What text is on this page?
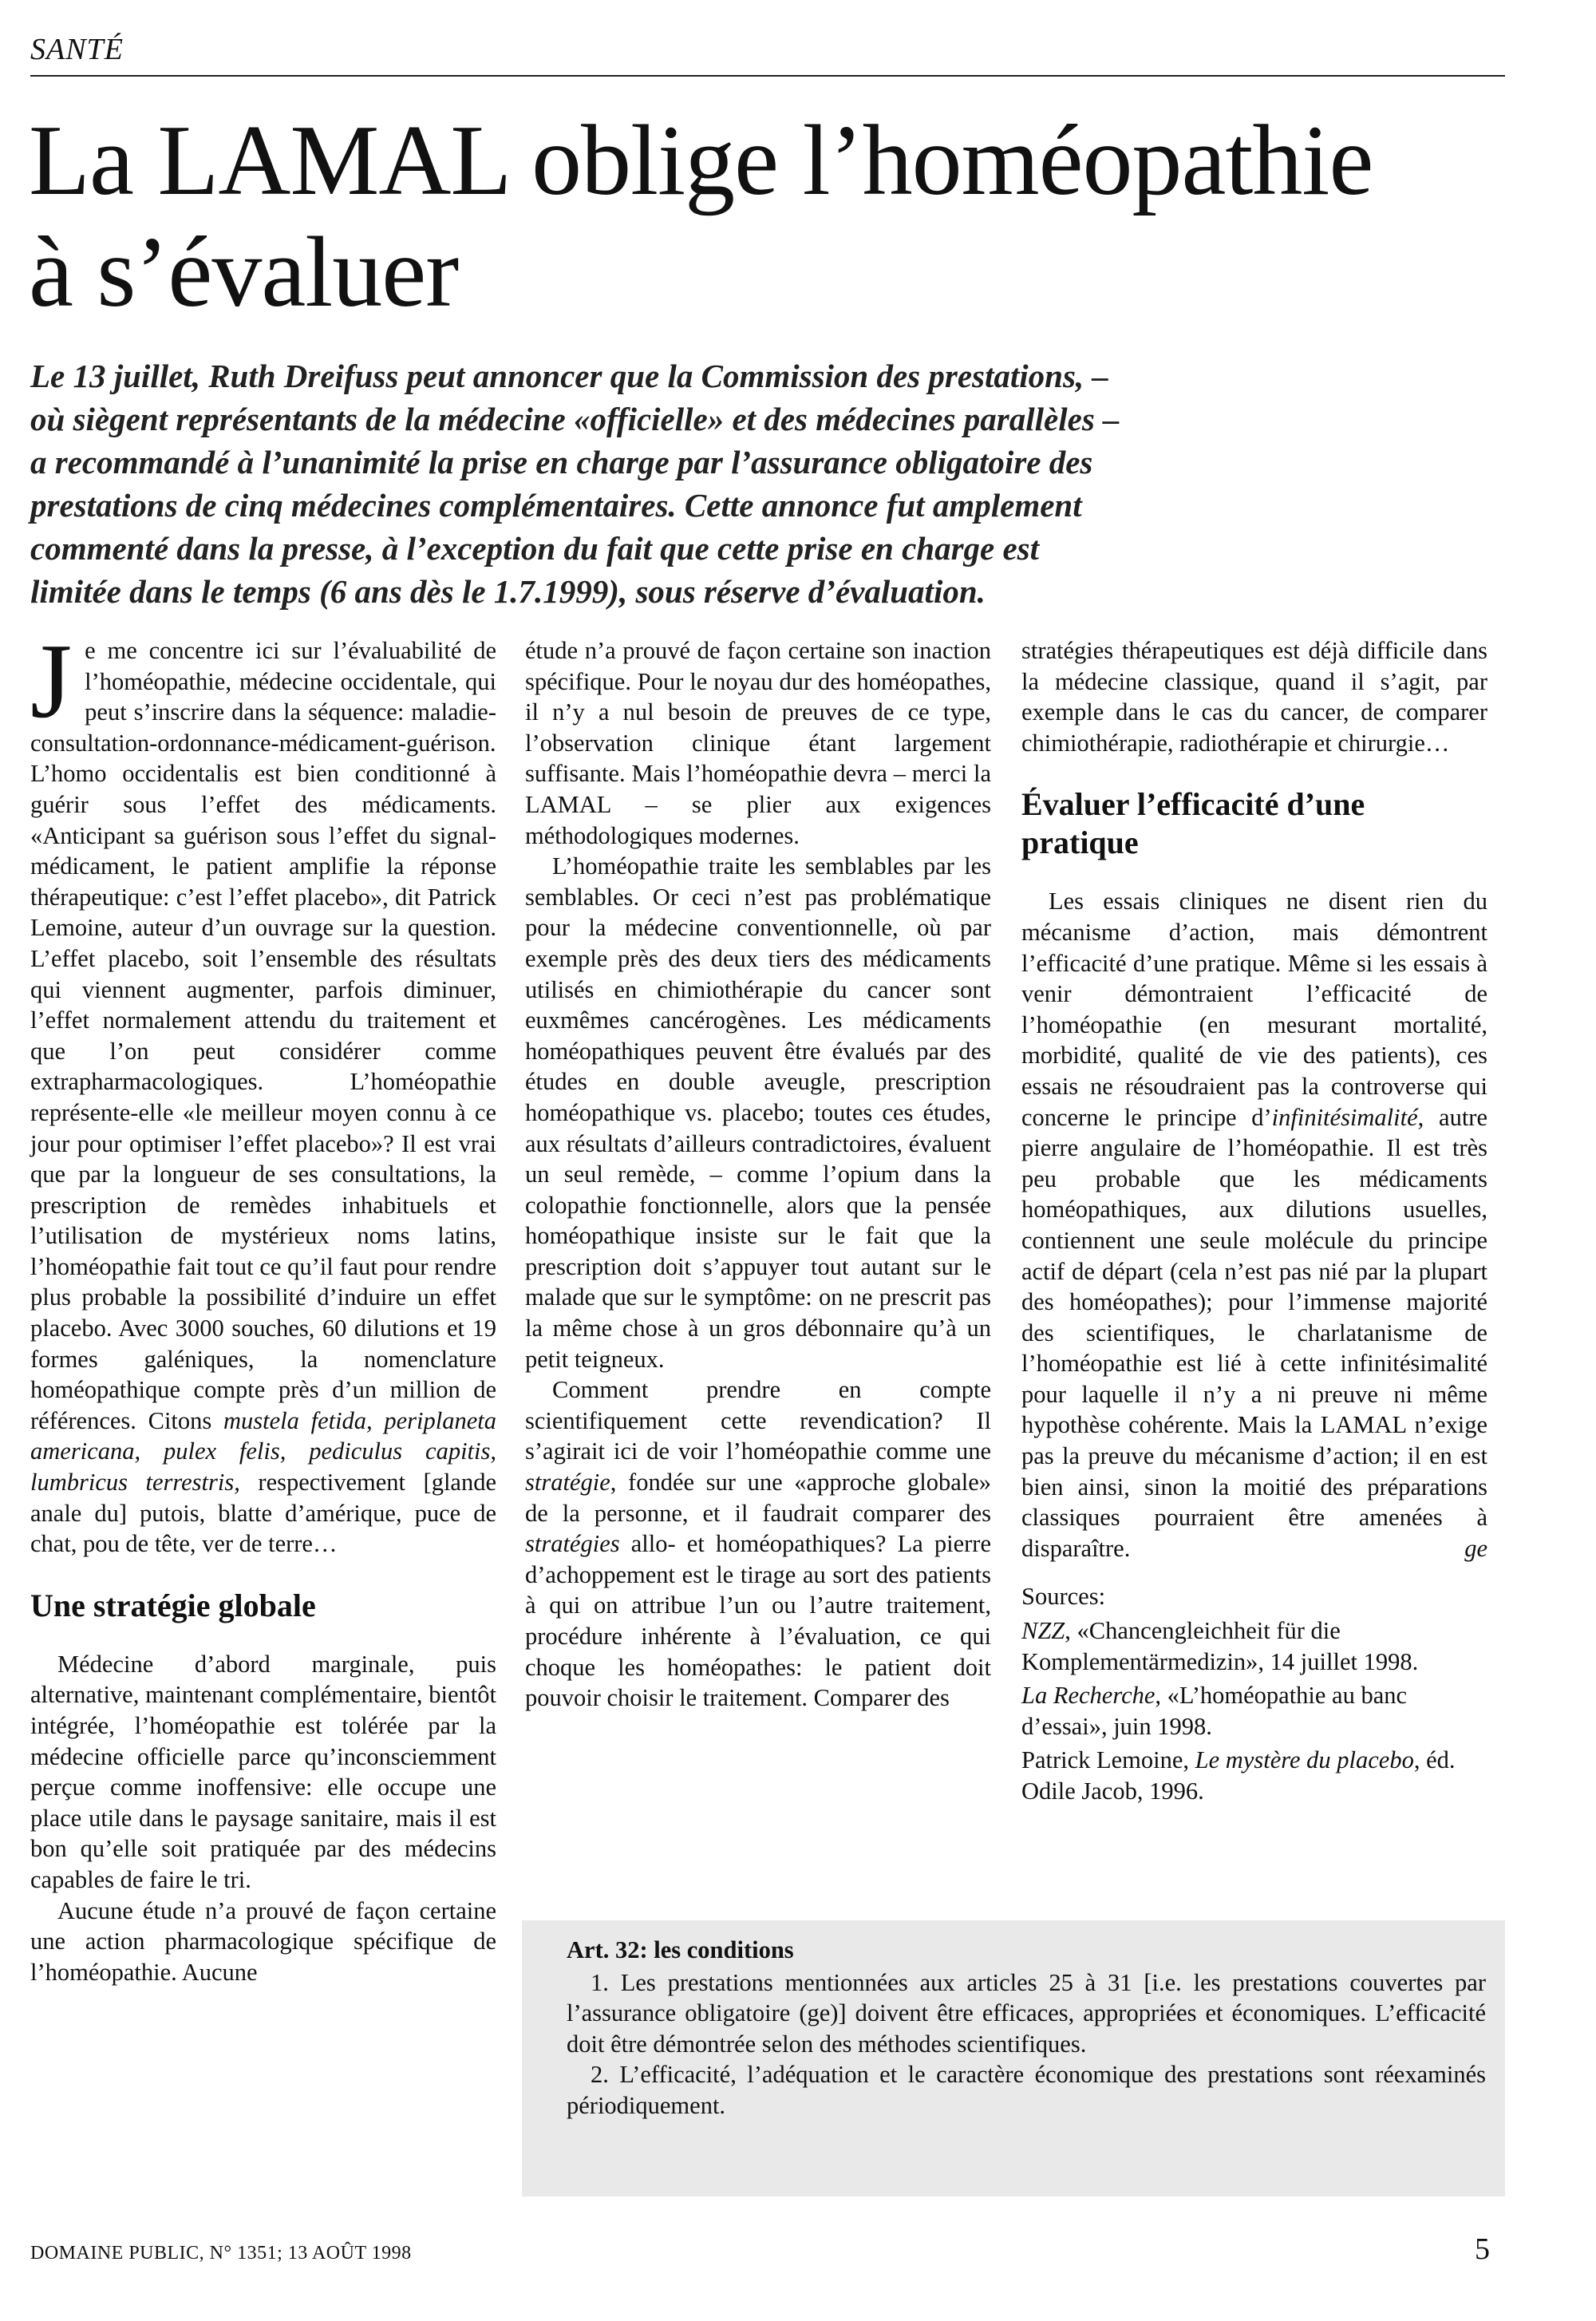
SANTÉ
La LAMAL oblige l’homéopathie
à s’évaluer

Le 13 juillet, Ruth Dreifuss peut annoncer que la Commission des prestations, –
où siègent représentants de la médecine «officielle» et des médecines parallèles –
a recommandé à l’unanimité la prise en charge par l’assurance obligatoire des
prestations de cinq médecines complémentaires. Cette annonce fut amplement
commenté dans la presse, à l’exception du fait que cette prise en charge est
limitée dans le temps (6 ans dès le 1.7.1999), sous réserve d’évaluation.

Je me concentre ici sur l’évaluabilité de l’homéopathie, médecine occidentale, qui peut s’inscrire dans la séquence: maladie-consultation-ordonnance-médicament-guérison. L’homo occidentalis est bien conditionné à guérir sous l’effet des médicaments. «Anticipant sa guérison sous l’effet du signal-médicament, le patient amplifie la réponse thérapeutique: c’est l’effet placebo», dit Patrick Lemoine, auteur d’un ouvrage sur la question. L’effet placebo, soit l’ensemble des résultats qui viennent augmenter, parfois diminuer, l’effet normalement attendu du traitement et que l’on peut considérer comme extrapharmacologiques. L’homéopathie représente-elle «le meilleur moyen connu à ce jour pour optimiser l’effet placebo»? Il est vrai que par la longueur de ses consultations, la prescription de remèdes inhabituels et l’utilisation de mystérieux noms latins, l’homéopathie fait tout ce qu’il faut pour rendre plus probable la possibilité d’induire un effet placebo. Avec 3000 souches, 60 dilutions et 19 formes galéniques, la nomenclature homéopathique compte près d’un million de références. Citons mustela fetida, periplaneta americana, pulex felis, pediculus capitis, lumbricus terrestris, respectivement [glande anale du] putois, blatte d’amérique, puce de chat, pou de tête, ver de terre…

Une stratégie globale

Médecine d’abord marginale, puis alternative, maintenant complémentaire, bientôt intégrée, l’homéopathie est tolérée par la médecine officielle parce qu’inconsciemment perçue comme inoffensive: elle occupe une place utile dans le paysage sanitaire, mais il est bon qu’elle soit pratiquée par des médecins capables de faire le tri.

Aucune étude n’a prouvé de façon certaine une action pharmacologique spécifique de l’homéopathie. Aucune

étude n’a prouvé de façon certaine son inaction spécifique. Pour le noyau dur des homéopathes, il n’y a nul besoin de preuves de ce type, l’observation clinique étant largement suffisante. Mais l’homéopathie devra – merci la LAMAL – se plier aux exigences méthodologiques modernes.

L’homéopathie traite les semblables par les semblables. Or ceci n’est pas problématique pour la médecine conventionnelle, où par exemple près des deux tiers des médicaments utilisés en chimiothérapie du cancer sont euxmêmes cancérogènes. Les médicaments homéopathiques peuvent être évalués par des études en double aveugle, prescription homéopathique vs. placebo; toutes ces études, aux résultats d’ailleurs contradictoires, évaluent un seul remède, – comme l’opium dans la colopathie fonctionnelle, alors que la pensée homéopathique insiste sur le fait que la prescription doit s’appuyer tout autant sur le malade que sur le symptôme: on ne prescrit pas la même chose à un gros débonnaire qu’à un petit teigneux.

Comment prendre en compte scientifiquement cette revendication? Il s’agirait ici de voir l’homéopathie comme une stratégie, fondée sur une «approche globale» de la personne, et il faudrait comparer des stratégies allo- et homéopathiques? La pierre d’achoppement est le tirage au sort des patients à qui on attribue l’un ou l’autre traitement, procédure inhérente à l’évaluation, ce qui choque les homéopathes: le patient doit pouvoir choisir le traitement. Comparer des

stratégies thérapeutiques est déjà difficile dans la médecine classique, quand il s’agit, par exemple dans le cas du cancer, de comparer chimiothérapie, radiothérapie et chirurgie…

Évaluer l’efficacité d’une pratique

Les essais cliniques ne disent rien du mécanisme d’action, mais démontrent l’efficacité d’une pratique. Même si les essais à venir démontraient l’efficacité de l’homéopathie (en mesurant mortalité, morbidité, qualité de vie des patients), ces essais ne résoudraient pas la controverse qui concerne le principe d’infinitésimalité, autre pierre angulaire de l’homéopathie. Il est très peu probable que les médicaments homéopathiques, aux dilutions usuelles, contiennent une seule molécule du principe actif de départ (cela n’est pas nié par la plupart des homéopathes); pour l’immense majorité des scientifiques, le charlatanisme de l’homéopathie est lié à cette infinitésimalité pour laquelle il n’y a ni preuve ni même hypothèse cohérente. Mais la LAMAL n’exige pas la preuve du mécanisme d’action; il en est bien ainsi, sinon la moitié des préparations classiques pourraient être amenées à disparaître.	ge

Sources:
NZZ, «Chancengleichheit für die Komplementärmedizin», 14 juillet 1998.
La Recherche, «L’homéopathie au banc d’essai», juin 1998.
Patrick Lemoine, Le mystère du placebo, éd. Odile Jacob, 1996.
Art. 32: les conditions

1. Les prestations mentionnées aux articles 25 à 31 [i.e. les prestations couvertes par l’assurance obligatoire (ge)] doivent être efficaces, appropriées et économiques. L’efficacité doit être démontrée selon des méthodes scientifiques.

2. L’efficacité, l’adéquation et le caractère économique des prestations sont réexaminés périodiquement.

DOMAINE PUBLIC, N° 1351; 13 AOÛT 1998	5
